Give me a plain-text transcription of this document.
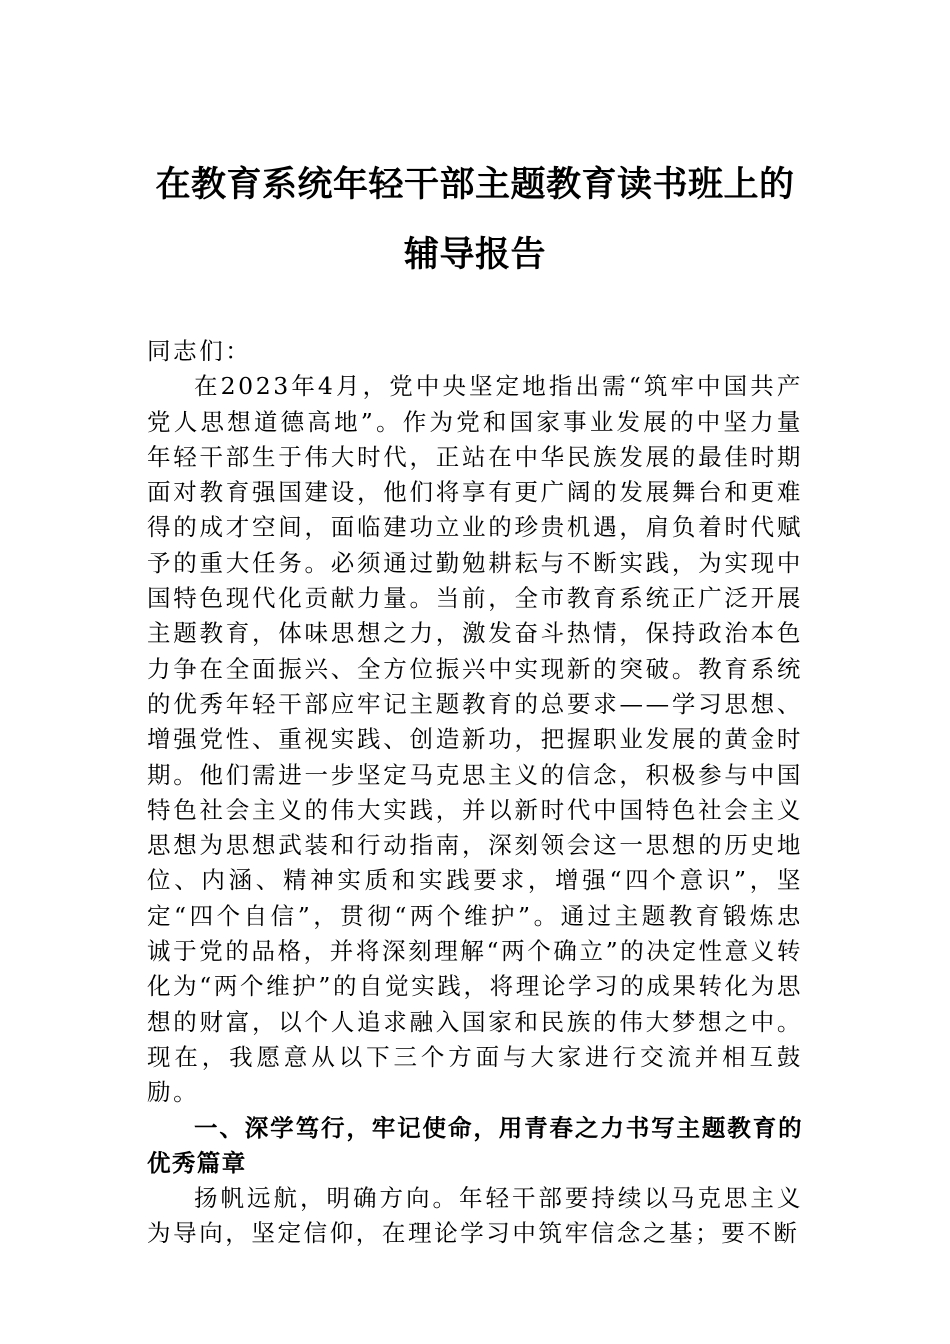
在教育系统年轻干部主题教育读书班上的
辅导报告

同志们：

在2023年4月，党中央坚定地指出需“筑牢中国共产党人思想道德高地”。作为党和国家事业发展的中坚力量年轻干部生于伟大时代，正站在中华民族发展的最佳时期面对教育强国建设，他们将享有更广阔的发展舞台和更难得的成才空间，面临建功立业的珍贵机遇，肩负着时代赋予的重大任务。必须通过勤勉耕耘与不断实践，为实现中国特色现代化贡献力量。当前，全市教育系统正广泛开展主题教育，体味思想之力，激发奋斗热情，保持政治本色力争在全面振兴、全方位振兴中实现新的突破。教育系统的优秀年轻干部应牢记主题教育的总要求——学习思想、增强党性、重视实践、创造新功，把握职业发展的黄金时期。他们需进一步坚定马克思主义的信念，积极参与中国特色社会主义的伟大实践，并以新时代中国特色社会主义思想为思想武装和行动指南，深刻领会这一思想的历史地位、内涵、精神实质和实践要求，增强“四个意识”，坚定“四个自信”，贯彻“两个维护”。通过主题教育锻炼忠诚于党的品格，并将深刻理解“两个确立”的决定性意义转化为“两个维护”的自觉实践，将理论学习的成果转化为思想的财富，以个人追求融入国家和民族的伟大梦想之中。现在，我愿意从以下三个方面与大家进行交流并相互鼓励。

一、深学笃行，牢记使命，用青春之力书写主题教育的优秀篇章

扬帆远航，明确方向。年轻干部要持续以马克思主义为导向，坚定信仰，在理论学习中筑牢信念之基；要不断
